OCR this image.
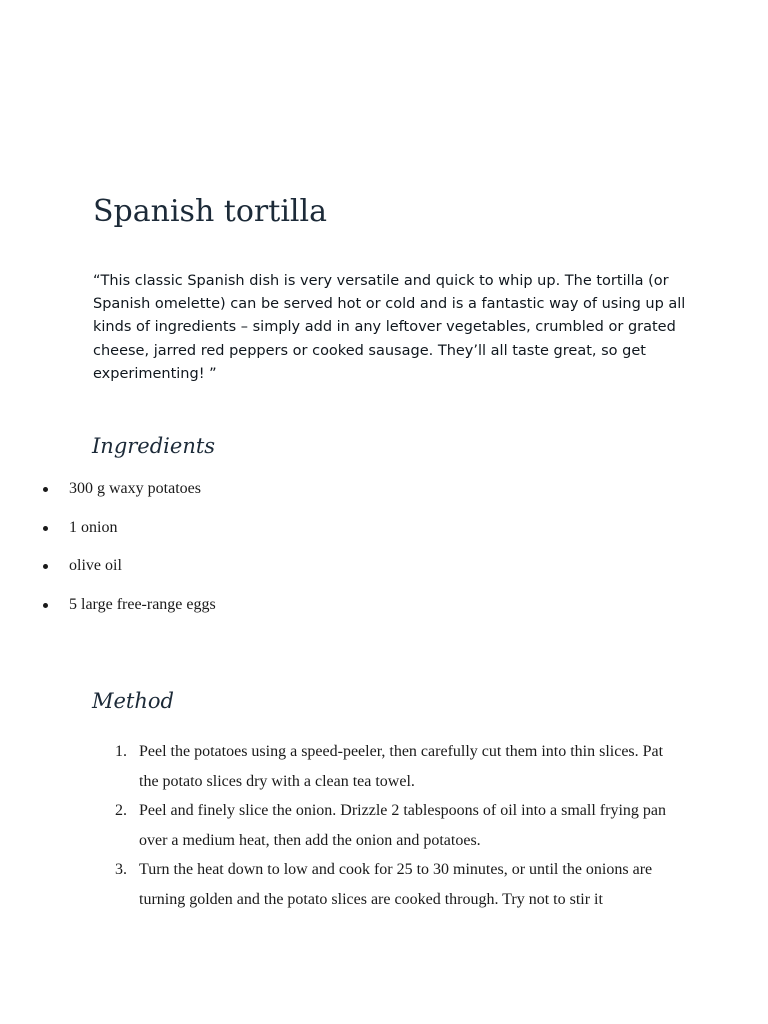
Spanish tortilla

“This classic Spanish dish is very versatile and quick to whip up. The tortilla (or Spanish omelette) can be served hot or cold and is a fantastic way of using up all kinds of ingredients – simply add in any leftover vegetables, crumbled or grated cheese, jarred red peppers or cooked sausage. They’ll all taste great, so get experimenting! ”

Ingredients
300 g waxy potatoes
1 onion
olive oil
5 large free-range eggs
Method
1. Peel the potatoes using a speed-peeler, then carefully cut them into thin slices. Pat the potato slices dry with a clean tea towel.
2. Peel and finely slice the onion. Drizzle 2 tablespoons of oil into a small frying pan over a medium heat, then add the onion and potatoes.
3. Turn the heat down to low and cook for 25 to 30 minutes, or until the onions are turning golden and the potato slices are cooked through. Try not to stir it
